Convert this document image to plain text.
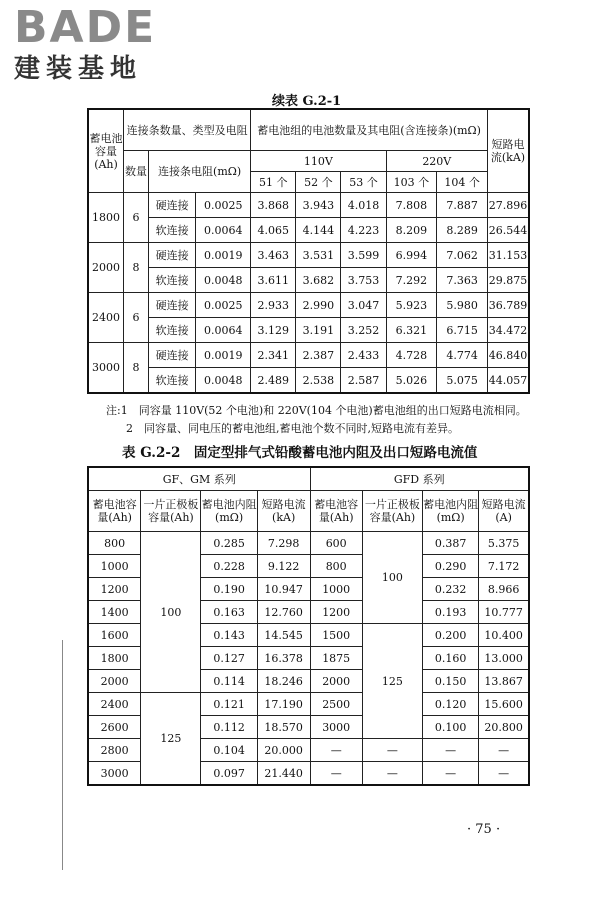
BADE
建装基地
续表 G.2-1
蓄电池容量(Ah)	连接条数量、类型及电阻			蓄电池组的电池数量及其电阻(含连接条)(mΩ)					短路电流(kA)
	数量	连接条电阻(mΩ)		110V			220V		
				51 个	52 个	53 个	103 个	104 个	
1800	6	硬连接	0.0025	3.868	3.943	4.018	7.808	7.887	27.896
		软连接	0.0064	4.065	4.144	4.223	8.209	8.289	26.544
2000	8	硬连接	0.0019	3.463	3.531	3.599	6.994	7.062	31.153
		软连接	0.0048	3.611	3.682	3.753	7.292	7.363	29.875
2400	6	硬连接	0.0025	2.933	2.990	3.047	5.923	5.980	36.789
		软连接	0.0064	3.129	3.191	3.252	6.321	6.715	34.472
3000	8	硬连接	0.0019	2.341	2.387	2.433	4.728	4.774	46.840
		软连接	0.0048	2.489	2.538	2.587	5.026	5.075	44.057
注:1　同容量 110V(52 个电池)和 220V(104 个电池)蓄电池组的出口短路电流相同。
2　同容量、同电压的蓄电池组,蓄电池个数不同时,短路电流有差异。
表 G.2-2　固定型排气式铅酸蓄电池内阻及出口短路电流值
GF、GM 系列				GFD 系列			
蓄电池容量(Ah)	一片正极板容量(Ah)	蓄电池内阻(mΩ)	短路电流(kA)	蓄电池容量(Ah)	一片正极板容量(Ah)	蓄电池内阻(mΩ)	短路电流(A)
800	100	0.285	7.298	600	100	0.387	5.375
1000		0.228	9.122	800		0.290	7.172
1200		0.190	10.947	1000		0.232	8.966
1400		0.163	12.760	1200		0.193	10.777
1600		0.143	14.545	1500	125	0.200	10.400
1800		0.127	16.378	1875		0.160	13.000
2000		0.114	18.246	2000		0.150	13.867
2400	125	0.121	17.190	2500		0.120	15.600
2600		0.112	18.570	3000		0.100	20.800
2800		0.104	20.000	—	—	—	—
3000		0.097	21.440	—	—	—	—
· 75 ·
